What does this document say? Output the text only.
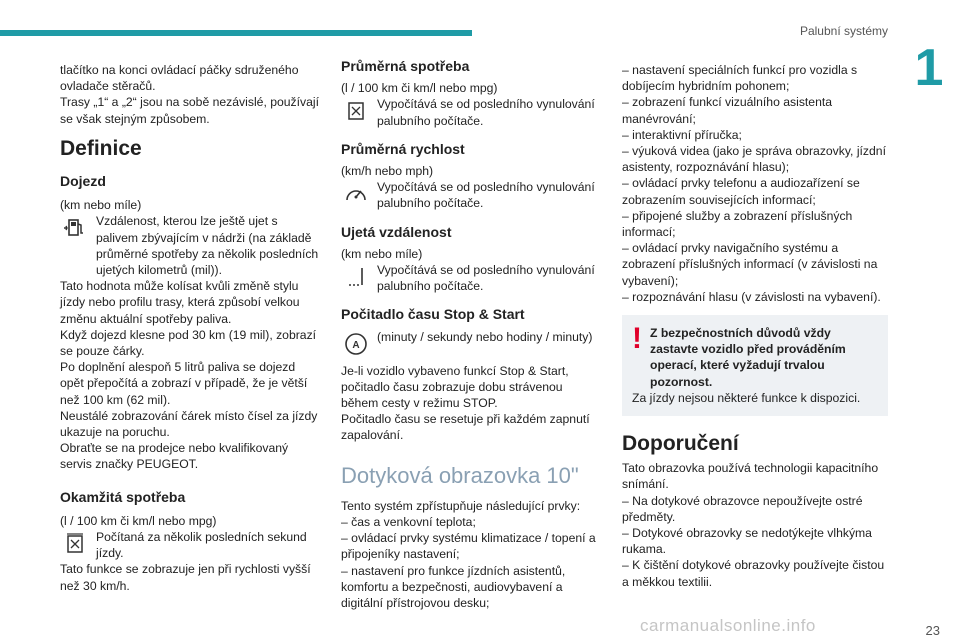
Palubní systémy
1

tlačítko na konci ovládací páčky sdruženého ovladače stěračů.

Trasy „1“ a „2“ jsou na sobě nezávislé, používají se však stejným způsobem.

Definice
Dojezd

(km nebo míle)

Vzdálenost, kterou lze ještě ujet s palivem zbývajícím v nádrži (na základě průměrné spotřeby za několik posledních ujetých kilometrů (mil)).

Tato hodnota může kolísat kvůli změně stylu jízdy nebo profilu trasy, která způsobí velkou změnu aktuální spotřeby paliva.

Když dojezd klesne pod 30 km (19 mil), zobrazí se pouze čárky.

Po doplnění alespoň 5 litrů paliva se dojezd opět přepočítá a zobrazí v případě, že je větší než 100 km (62 mil).

Neustálé zobrazování čárek místo čísel za jízdy ukazuje na poruchu.

Obraťte se na prodejce nebo kvalifikovaný servis značky PEUGEOT.

Okamžitá spotřeba

(l / 100 km či km/l nebo mpg)

Počítaná za několik posledních sekund jízdy.

Tato funkce se zobrazuje jen při rychlosti vyšší než 30 km/h.

Průměrná spotřeba

(l / 100 km či km/l nebo mpg)

Vypočítává se od posledního vynulování palubního počítače.

Průměrná rychlost

(km/h nebo mph)

Vypočítává se od posledního vynulování palubního počítače.

Ujetá vzdálenost

(km nebo míle)

Vypočítává se od posledního vynulování palubního počítače.

Počitadlo času Stop & Start
A

(minuty / sekundy nebo hodiny / minuty)

Je-li vozidlo vybaveno funkcí Stop & Start, počitadlo času zobrazuje dobu strávenou během cesty v režimu STOP.

Počitadlo času se resetuje při každém zapnutí zapalování.

Dotyková obrazovka 10"

Tento systém zpřístupňuje následující prvky:

– čas a venkovní teplota;

– ovládací prvky systému klimatizace / topení a připojeníky nastavení;

– nastavení pro funkce jízdních asistentů, komfortu a bezpečnosti, audiovybavení a digitální přístrojovou desku;

– nastavení speciálních funkcí pro vozidla s dobíjecím hybridním pohonem;

– zobrazení funkcí vizuálního asistenta manévrování;

– interaktivní příručka;

– výuková videa (jako je správa obrazovky, jízdní asistenty, rozpoznávání hlasu);

– ovládací prvky telefonu a audiozařízení se zobrazením souvisejících informací;

– připojené služby a zobrazení příslušných informací;

– ovládací prvky navigačního systému a zobrazení příslušných informací (v závislosti na vybavení);

– rozpoznávání hlasu (v závislosti na vybavení).

! Z bezpečnostních důvodů vždy zastavte vozidlo před prováděním operací, které vyžadují trvalou pozornost.

Za jízdy nejsou některé funkce k dispozici.

Doporučení

Tato obrazovka používá technologii kapacitního snímání.

– Na dotykové obrazovce nepoužívejte ostré předměty.

– Dotykové obrazovky se nedotýkejte vlhkýma rukama.

– K čištění dotykové obrazovky používejte čistou a měkkou textilii.

carmanualsonline.info	23
